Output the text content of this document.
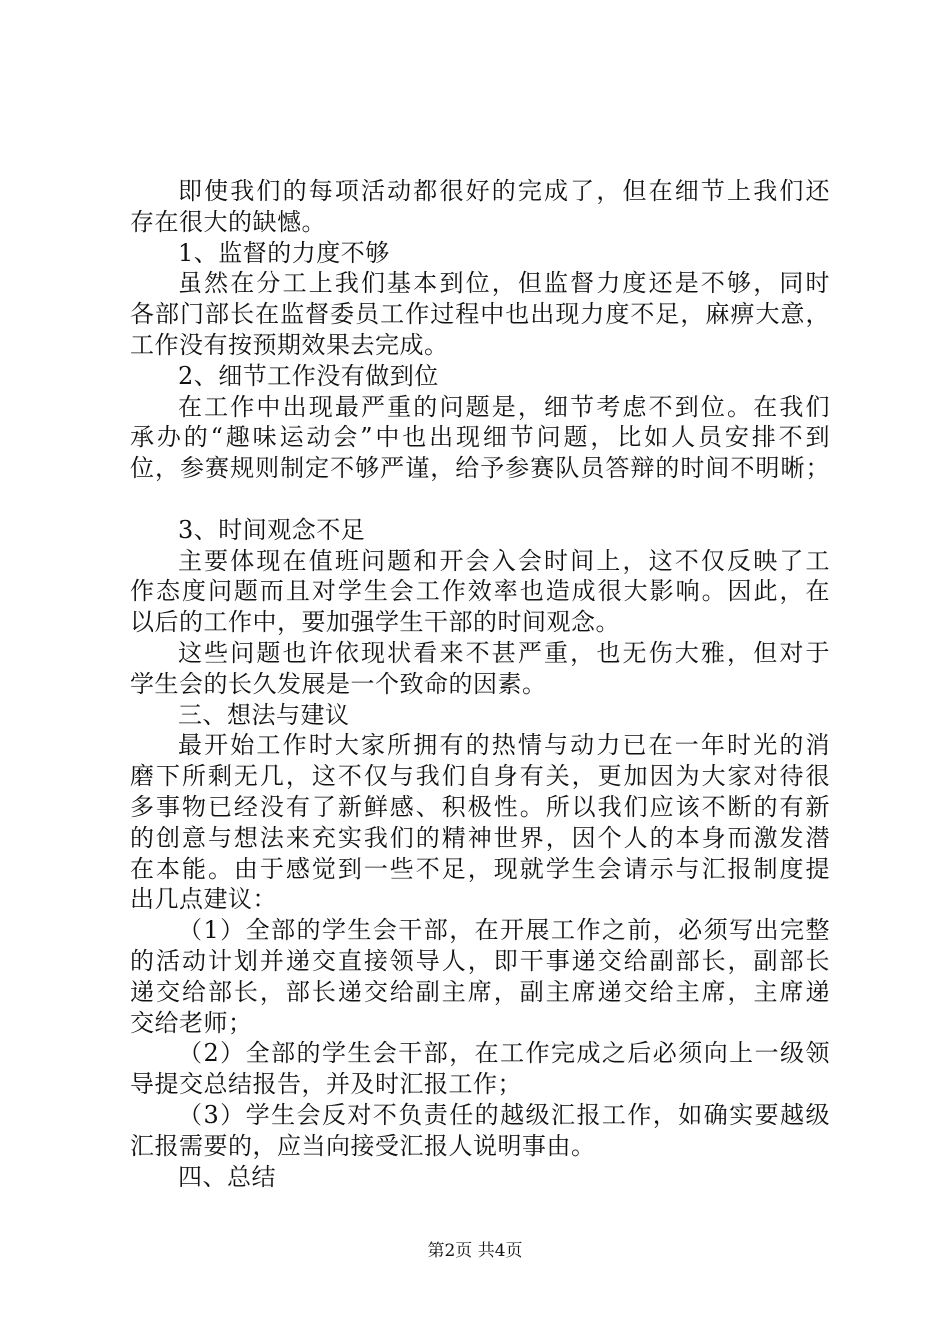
即使我们的每项活动都很好的完成了，但在细节上我们还
存在很大的缺憾。
1、监督的力度不够
虽然在分工上我们基本到位，但监督力度还是不够，同时
各部门部长在监督委员工作过程中也出现力度不足，麻痹大意，
工作没有按预期效果去完成。
2、细节工作没有做到位
在工作中出现最严重的问题是，细节考虑不到位。在我们
承办的“趣味运动会”中也出现细节问题，比如人员安排不到
位，参赛规则制定不够严谨，给予参赛队员答辩的时间不明晰；
3、时间观念不足
主要体现在值班问题和开会入会时间上，这不仅反映了工
作态度问题而且对学生会工作效率也造成很大影响。因此，在
以后的工作中，要加强学生干部的时间观念。
这些问题也许依现状看来不甚严重，也无伤大雅，但对于
学生会的长久发展是一个致命的因素。
三、想法与建议
最开始工作时大家所拥有的热情与动力已在一年时光的消
磨下所剩无几，这不仅与我们自身有关，更加因为大家对待很
多事物已经没有了新鲜感、积极性。所以我们应该不断的有新
的创意与想法来充实我们的精神世界，因个人的本身而激发潜
在本能。由于感觉到一些不足，现就学生会请示与汇报制度提
出几点建议：
（1）全部的学生会干部，在开展工作之前，必须写出完整
的活动计划并递交直接领导人，即干事递交给副部长，副部长
递交给部长，部长递交给副主席，副主席递交给主席，主席递
交给老师；
（2）全部的学生会干部，在工作完成之后必须向上一级领
导提交总结报告，并及时汇报工作；
（3）学生会反对不负责任的越级汇报工作，如确实要越级
汇报需要的，应当向接受汇报人说明事由。
四、总结
第2页 共4页
